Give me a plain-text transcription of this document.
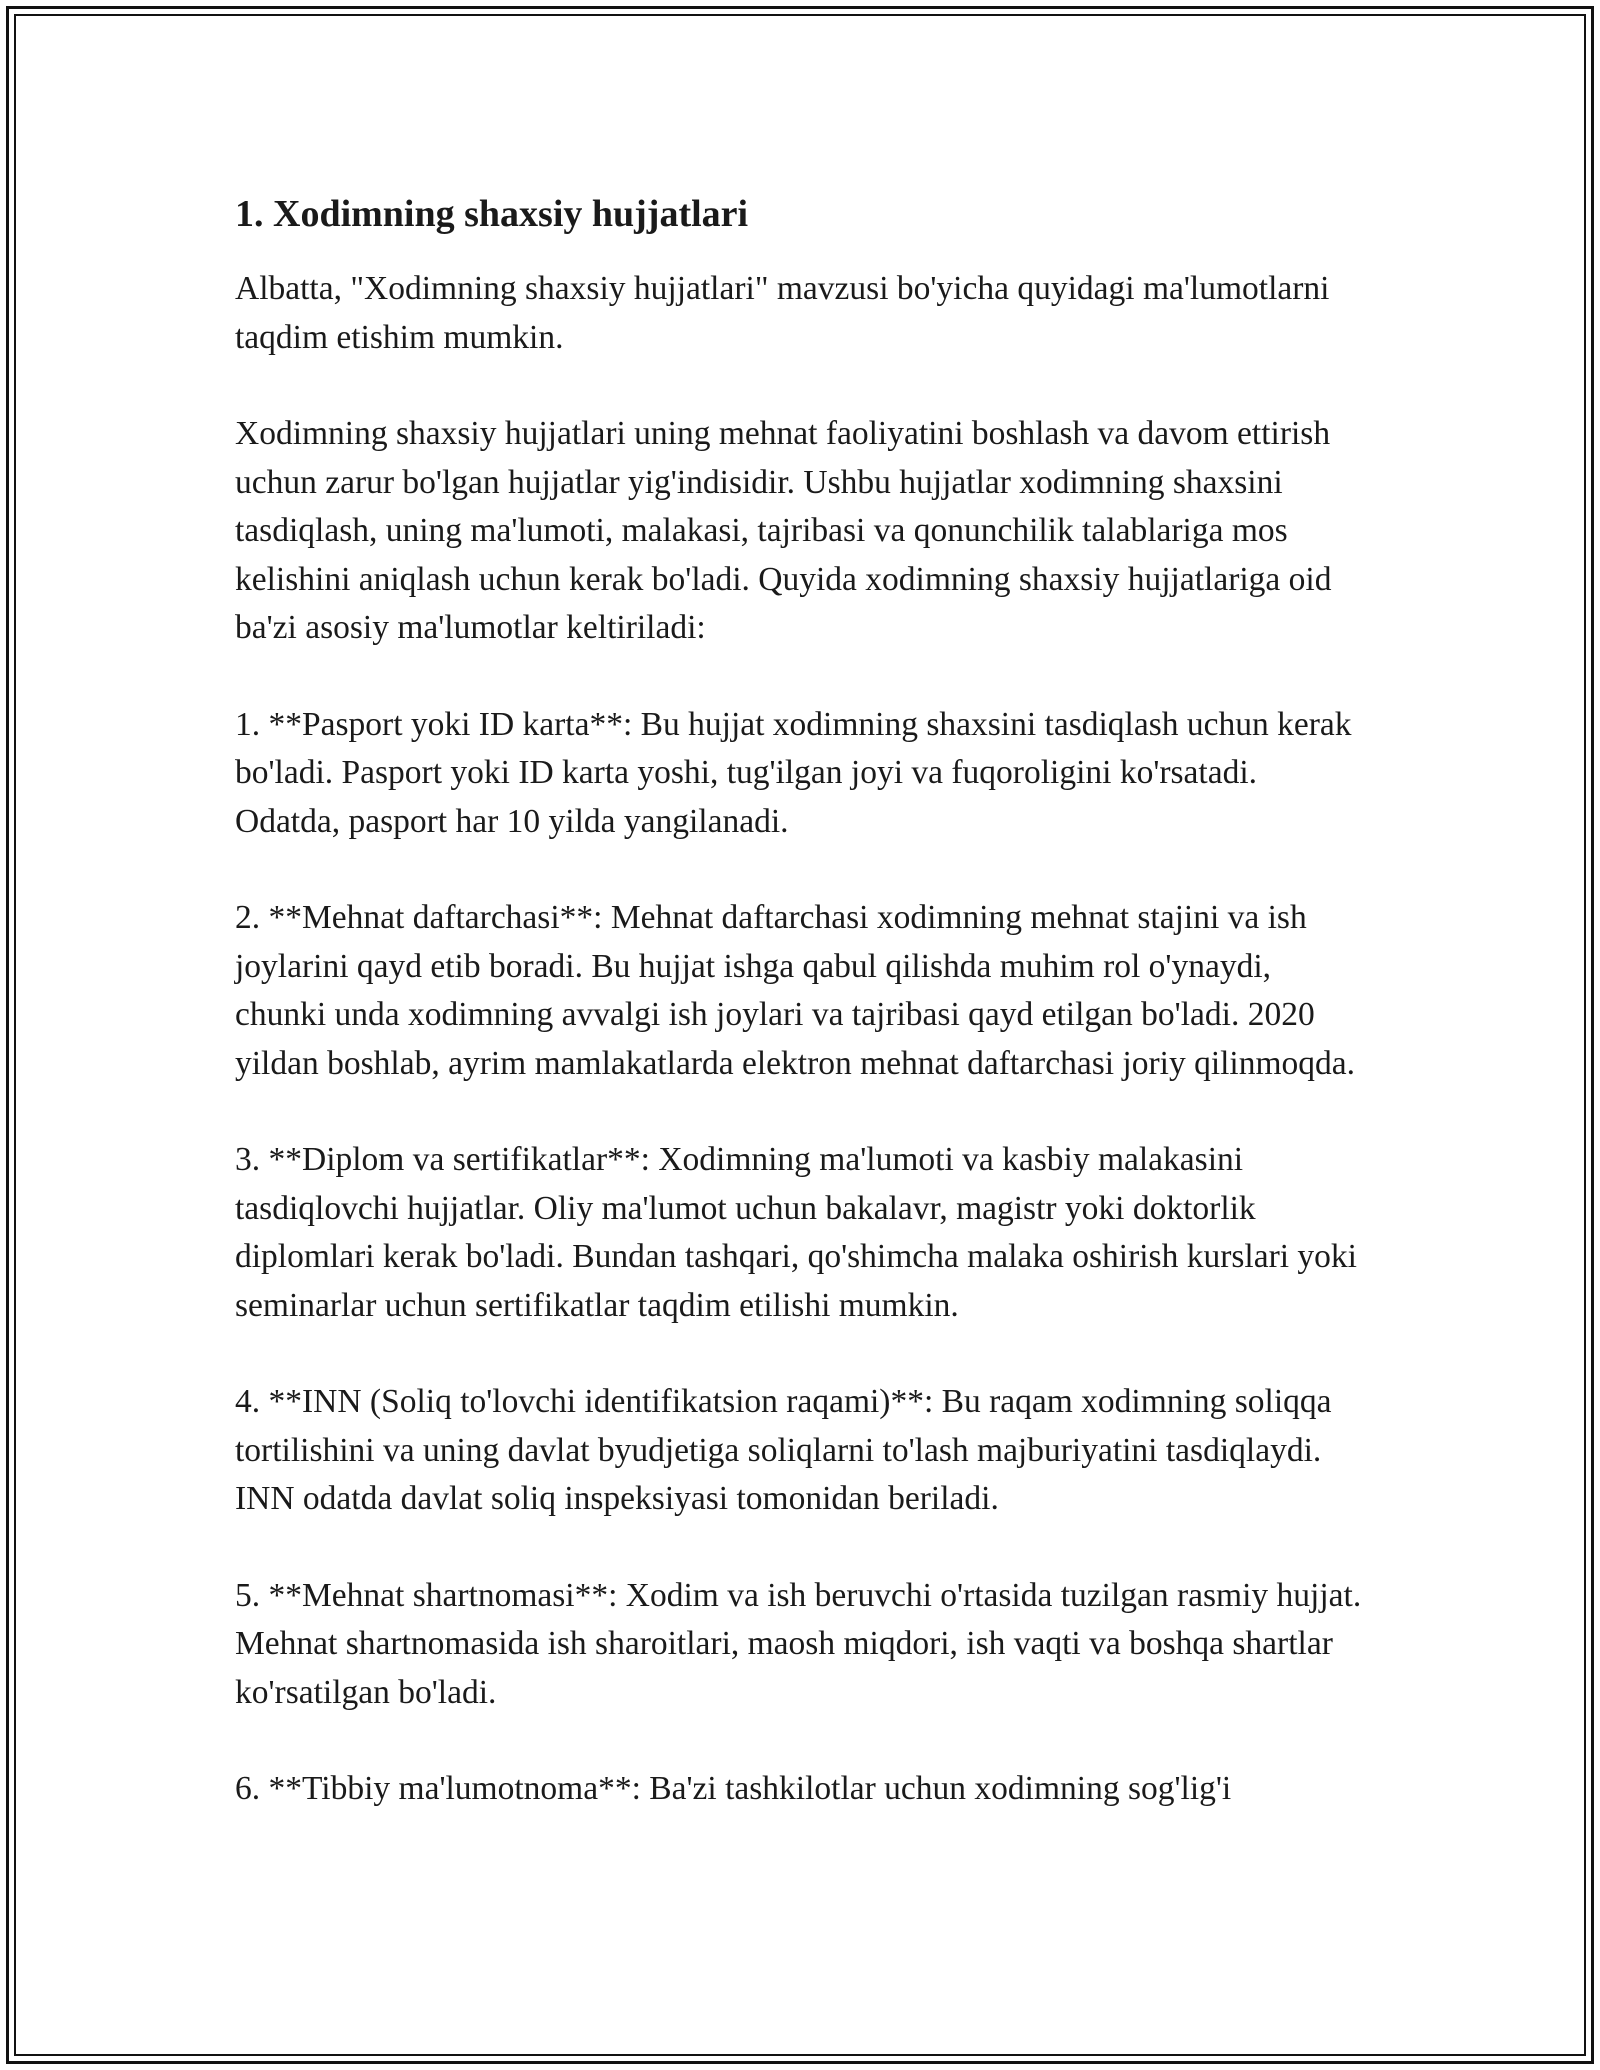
1. Xodimning shaxsiy hujjatlari

Albatta, "Xodimning shaxsiy hujjatlari" mavzusi bo'yicha quyidagi ma'lumotlarni taqdim etishim mumkin.

Xodimning shaxsiy hujjatlari uning mehnat faoliyatini boshlash va davom ettirish uchun zarur bo'lgan hujjatlar yig'indisidir. Ushbu hujjatlar xodimning shaxsini tasdiqlash, uning ma'lumoti, malakasi, tajribasi va qonunchilik talablariga mos kelishini aniqlash uchun kerak bo'ladi. Quyida xodimning shaxsiy hujjatlariga oid ba'zi asosiy ma'lumotlar keltiriladi:

1. **Pasport yoki ID karta**: Bu hujjat xodimning shaxsini tasdiqlash uchun kerak bo'ladi. Pasport yoki ID karta yoshi, tug'ilgan joyi va fuqoroligini ko'rsatadi. Odatda, pasport har 10 yilda yangilanadi.

2. **Mehnat daftarchasi**: Mehnat daftarchasi xodimning mehnat stajini va ish joylarini qayd etib boradi. Bu hujjat ishga qabul qilishda muhim rol o'ynaydi, chunki unda xodimning avvalgi ish joylari va tajribasi qayd etilgan bo'ladi. 2020 yildan boshlab, ayrim mamlakatlarda elektron mehnat daftarchasi joriy qilinmoqda.

3. **Diplom va sertifikatlar**: Xodimning ma'lumoti va kasbiy malakasini tasdiqlovchi hujjatlar. Oliy ma'lumot uchun bakalavr, magistr yoki doktorlik diplomlari kerak bo'ladi. Bundan tashqari, qo'shimcha malaka oshirish kurslari yoki seminarlar uchun sertifikatlar taqdim etilishi mumkin.

4. **INN (Soliq to'lovchi identifikatsion raqami)**: Bu raqam xodimning soliqqa tortilishini va uning davlat byudjetiga soliqlarni to'lash majburiyatini tasdiqlaydi. INN odatda davlat soliq inspeksiyasi tomonidan beriladi.

5. **Mehnat shartnomasi**: Xodim va ish beruvchi o'rtasida tuzilgan rasmiy hujjat. Mehnat shartnomasida ish sharoitlari, maosh miqdori, ish vaqti va boshqa shartlar ko'rsatilgan bo'ladi.

6. **Tibbiy ma'lumotnoma**: Ba'zi tashkilotlar uchun xodimning sog'lig'i
